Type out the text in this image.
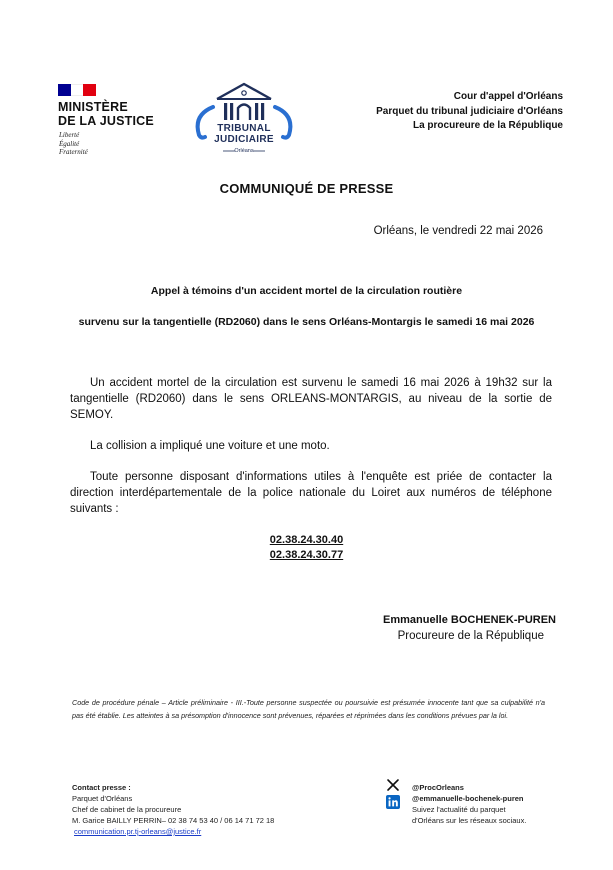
MINISTÈRE
DE LA JUSTICE
Liberté
Égalité
Fraternité
TRIBUNAL
JUDICIAIRE
Orléans
Cour d'appel d'Orléans
Parquet du tribunal judiciaire d'Orléans
La procureure de la République
COMMUNIQUÉ DE PRESSE
Orléans, le vendredi 22 mai 2026
Appel à témoins d'un accident mortel de la circulation routière
survenu sur la tangentielle (RD2060) dans le sens Orléans-Montargis le samedi 16 mai 2026
Un accident mortel de la circulation est survenu le samedi 16 mai 2026 à 19h32 sur la tangentielle (RD2060) dans le sens ORLEANS-MONTARGIS, au niveau de la sortie de SEMOY.
La collision a impliqué une voiture et une moto.
Toute personne disposant d'informations utiles à l'enquête est priée de contacter la direction interdépartementale de la police nationale du Loiret aux numéros de téléphone suivants :
02.38.24.30.40
02.38.24.30.77
Emmanuelle BOCHENEK-PUREN
Procureure de la République
Code de procédure pénale – Article préliminaire - III.-Toute personne suspectée ou poursuivie est présumée innocente tant que sa culpabilité n'a pas été établie. Les atteintes à sa présomption d'innocence sont prévenues, réparées et réprimées dans les conditions prévues par la loi.
Contact presse :
Parquet d'Orléans
Chef de cabinet de la procureure
M. Garice BAILLY PERRIN– 02 38 74 53 40 / 06 14 71 72 18
communication.pr.tj-orleans@justice.fr
@ProcOrleans
@emmanuelle-bochenek-puren
Suivez l'actualité du parquet
d'Orléans sur les réseaux sociaux.
